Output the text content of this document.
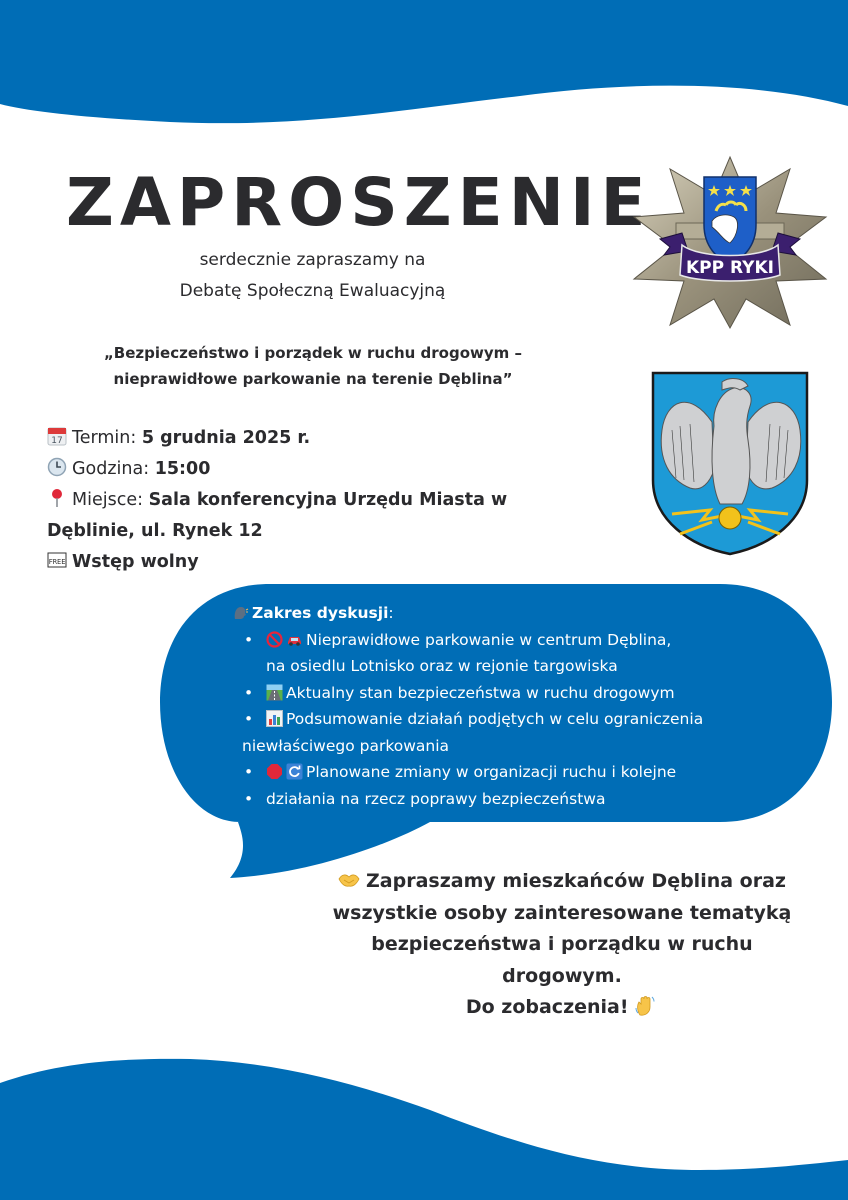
ZAPROSZENIE
serdecznie zapraszamy na
Debatę Społeczną Ewaluacyjną
KPP RYKI
„Bezpieczeństwo i porządek w ruchu drogowym –
nieprawidłowe parkowanie na terenie Dęblina”
17 Termin: 5 grudnia 2025 r.
Godzina: 15:00
Miejsce: Sala konferencyjna Urzędu Miasta w
Dęblinie, ul. Rynek 12
FREE Wstęp wolny
Zakres dyskusji:
• Nieprawidłowe parkowanie w centrum Dęblina,
na osiedlu Lotnisko oraz w rejonie targowiska
• Aktualny stan bezpieczeństwa w ruchu drogowym
• Podsumowanie działań podjętych w celu ograniczenia
niewłaściwego parkowania
• Planowane zmiany w organizacji ruchu i kolejne
• działania na rzecz poprawy bezpieczeństwa
Zapraszamy mieszkańców Dęblina oraz
wszystkie osoby zainteresowane tematyką
bezpieczeństwa i porządku w ruchu
drogowym.
Do zobaczenia!
